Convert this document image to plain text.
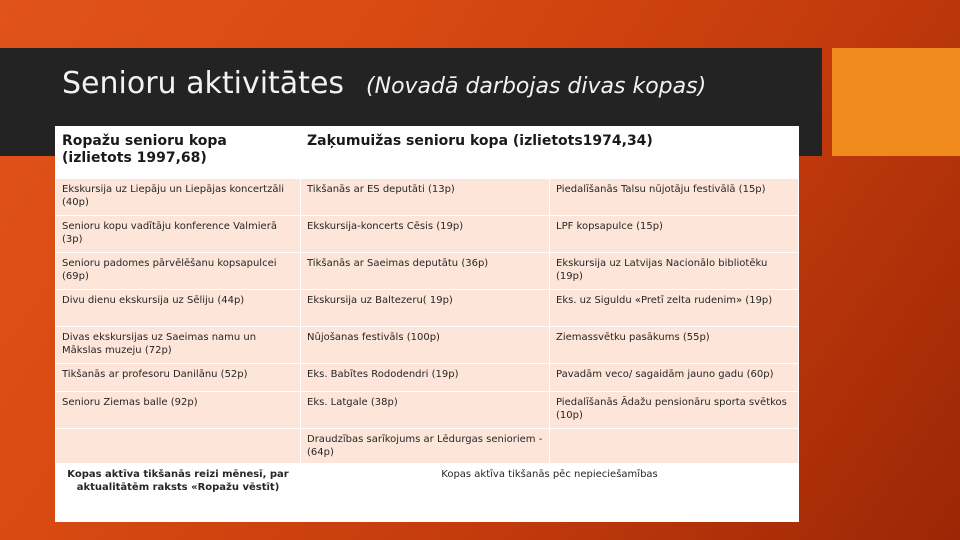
Senioru aktivitātes (Novadā darbojas divas kopas)
Ropažu senioru kopa (izlietots 1997,68)	Zaķumuižas senioru kopa (izlietots1974,34)	
Ekskursija uz Liepāju un Liepājas koncertzāli (40p)	Tikšanās ar ES deputāti (13p)	Piedalīšanās Talsu nūjotāju festivālā (15p)
Senioru kopu vadītāju konference Valmierā (3p)	Ekskursija-koncerts Cēsis (19p)	LPF kopsapulce (15p)
Senioru padomes pārvēlēšanu kopsapulcei (69p)	Tikšanās ar Saeimas deputātu (36p)	Ekskursija uz Latvijas Nacionālo bibliotēku (19p)
Divu dienu ekskursija uz Sēliju (44p)	Ekskursija uz Baltezeru( 19p)	Eks. uz Siguldu «Pretī zelta rudenim» (19p)
Divas ekskursijas uz Saeimas namu un Mākslas muzeju (72p)	Nūjošanas festivāls (100p)	Ziemassvētku pasākums (55p)
Tikšanās ar profesoru Danilānu (52p)	Eks. Babītes Rododendri (19p)	Pavadām veco/ sagaidām jauno gadu (60p)
Senioru Ziemas balle (92p)	Eks. Latgale (38p)	Piedalīšanās Ādažu pensionāru sporta svētkos (10p)
	Draudzības sarīkojums ar Lēdurgas senioriem -(64p)	
Kopas aktīva tikšanās reizi mēnesī, par aktualitātēm raksts «Ropažu vēstīt)	Kopas aktīva tikšanās pēc nepieciešamības	
